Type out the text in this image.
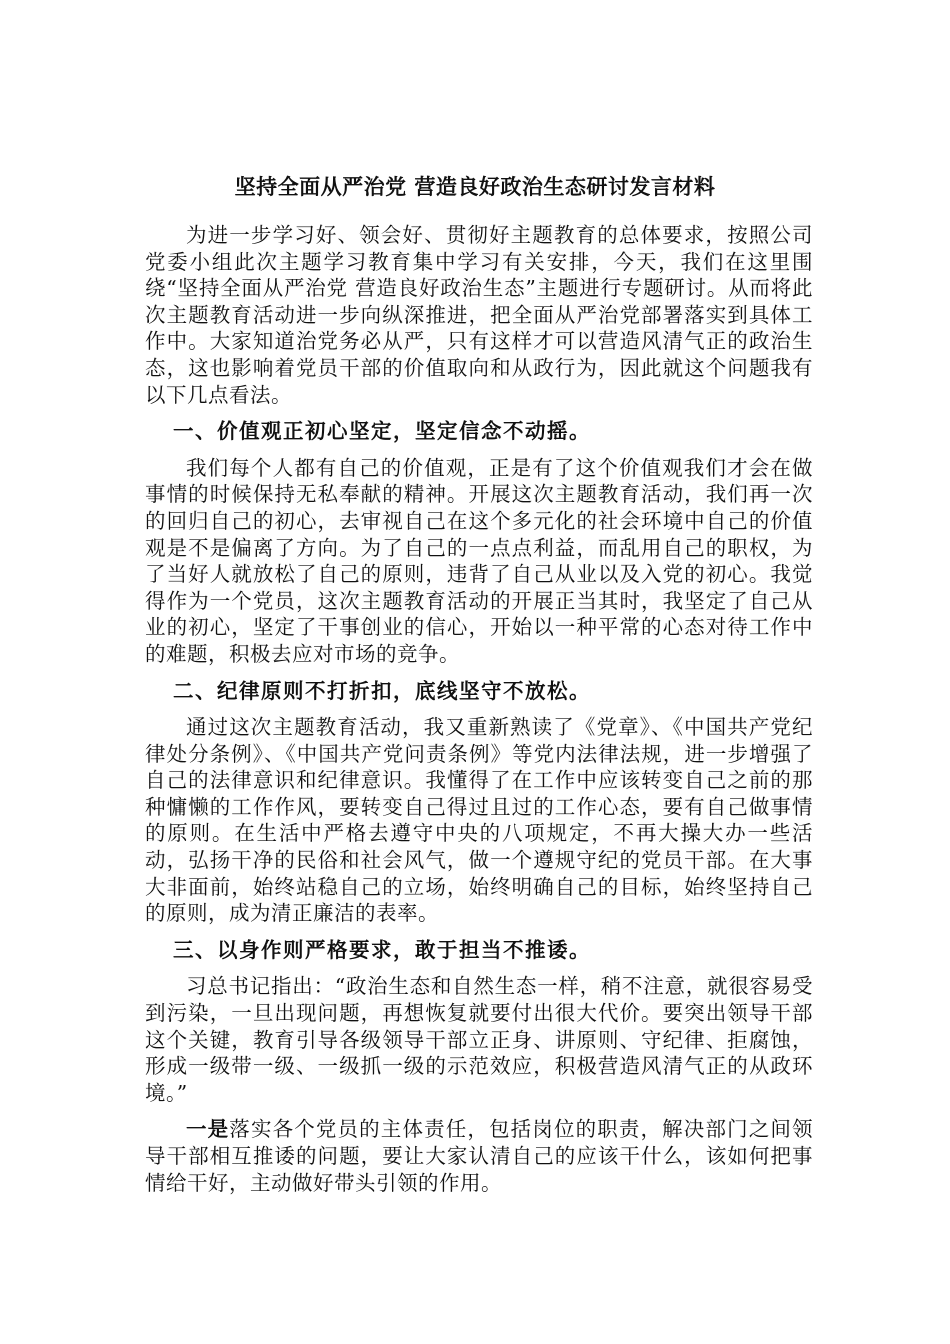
坚持全面从严治党 营造良好政治生态研讨发言材料

为进一步学习好、领会好、贯彻好主题教育的总体要求，按照公司党委小组此次主题学习教育集中学习有关安排，今天，我们在这里围绕“坚持全面从严治党 营造良好政治生态”主题进行专题研讨。从而将此次主题教育活动进一步向纵深推进，把全面从严治党部署落实到具体工作中。大家知道治党务必从严，只有这样才可以营造风清气正的政治生态，这也影响着党员干部的价值取向和从政行为，因此就这个问题我有以下几点看法。

一、价值观正初心坚定，坚定信念不动摇。

我们每个人都有自己的价值观，正是有了这个价值观我们才会在做事情的时候保持无私奉献的精神。开展这次主题教育活动，我们再一次的回归自己的初心，去审视自己在这个多元化的社会环境中自己的价值观是不是偏离了方向。为了自己的一点点利益，而乱用自己的职权，为了当好人就放松了自己的原则，违背了自己从业以及入党的初心。我觉得作为一个党员，这次主题教育活动的开展正当其时，我坚定了自己从业的初心，坚定了干事创业的信心，开始以一种平常的心态对待工作中的难题，积极去应对市场的竞争。

二、纪律原则不打折扣，底线坚守不放松。

通过这次主题教育活动，我又重新熟读了《党章》、《中国共产党纪律处分条例》、《中国共产党问责条例》等党内法律法规，进一步增强了自己的法律意识和纪律意识。我懂得了在工作中应该转变自己之前的那种慵懒的工作作风，要转变自己得过且过的工作心态，要有自己做事情的原则。在生活中严格去遵守中央的八项规定，不再大操大办一些活动，弘扬干净的民俗和社会风气，做一个遵规守纪的党员干部。在大事大非面前，始终站稳自己的立场，始终明确自己的目标，始终坚持自己的原则，成为清正廉洁的表率。

三、以身作则严格要求，敢于担当不推诿。

习总书记指出：“政治生态和自然生态一样，稍不注意，就很容易受到污染，一旦出现问题，再想恢复就要付出很大代价。要突出领导干部这个关键，教育引导各级领导干部立正身、讲原则、守纪律、拒腐蚀，形成一级带一级、一级抓一级的示范效应，积极营造风清气正的从政环境。”

一是落实各个党员的主体责任，包括岗位的职责，解决部门之间领导干部相互推诿的问题，要让大家认清自己的应该干什么，该如何把事情给干好，主动做好带头引领的作用。
